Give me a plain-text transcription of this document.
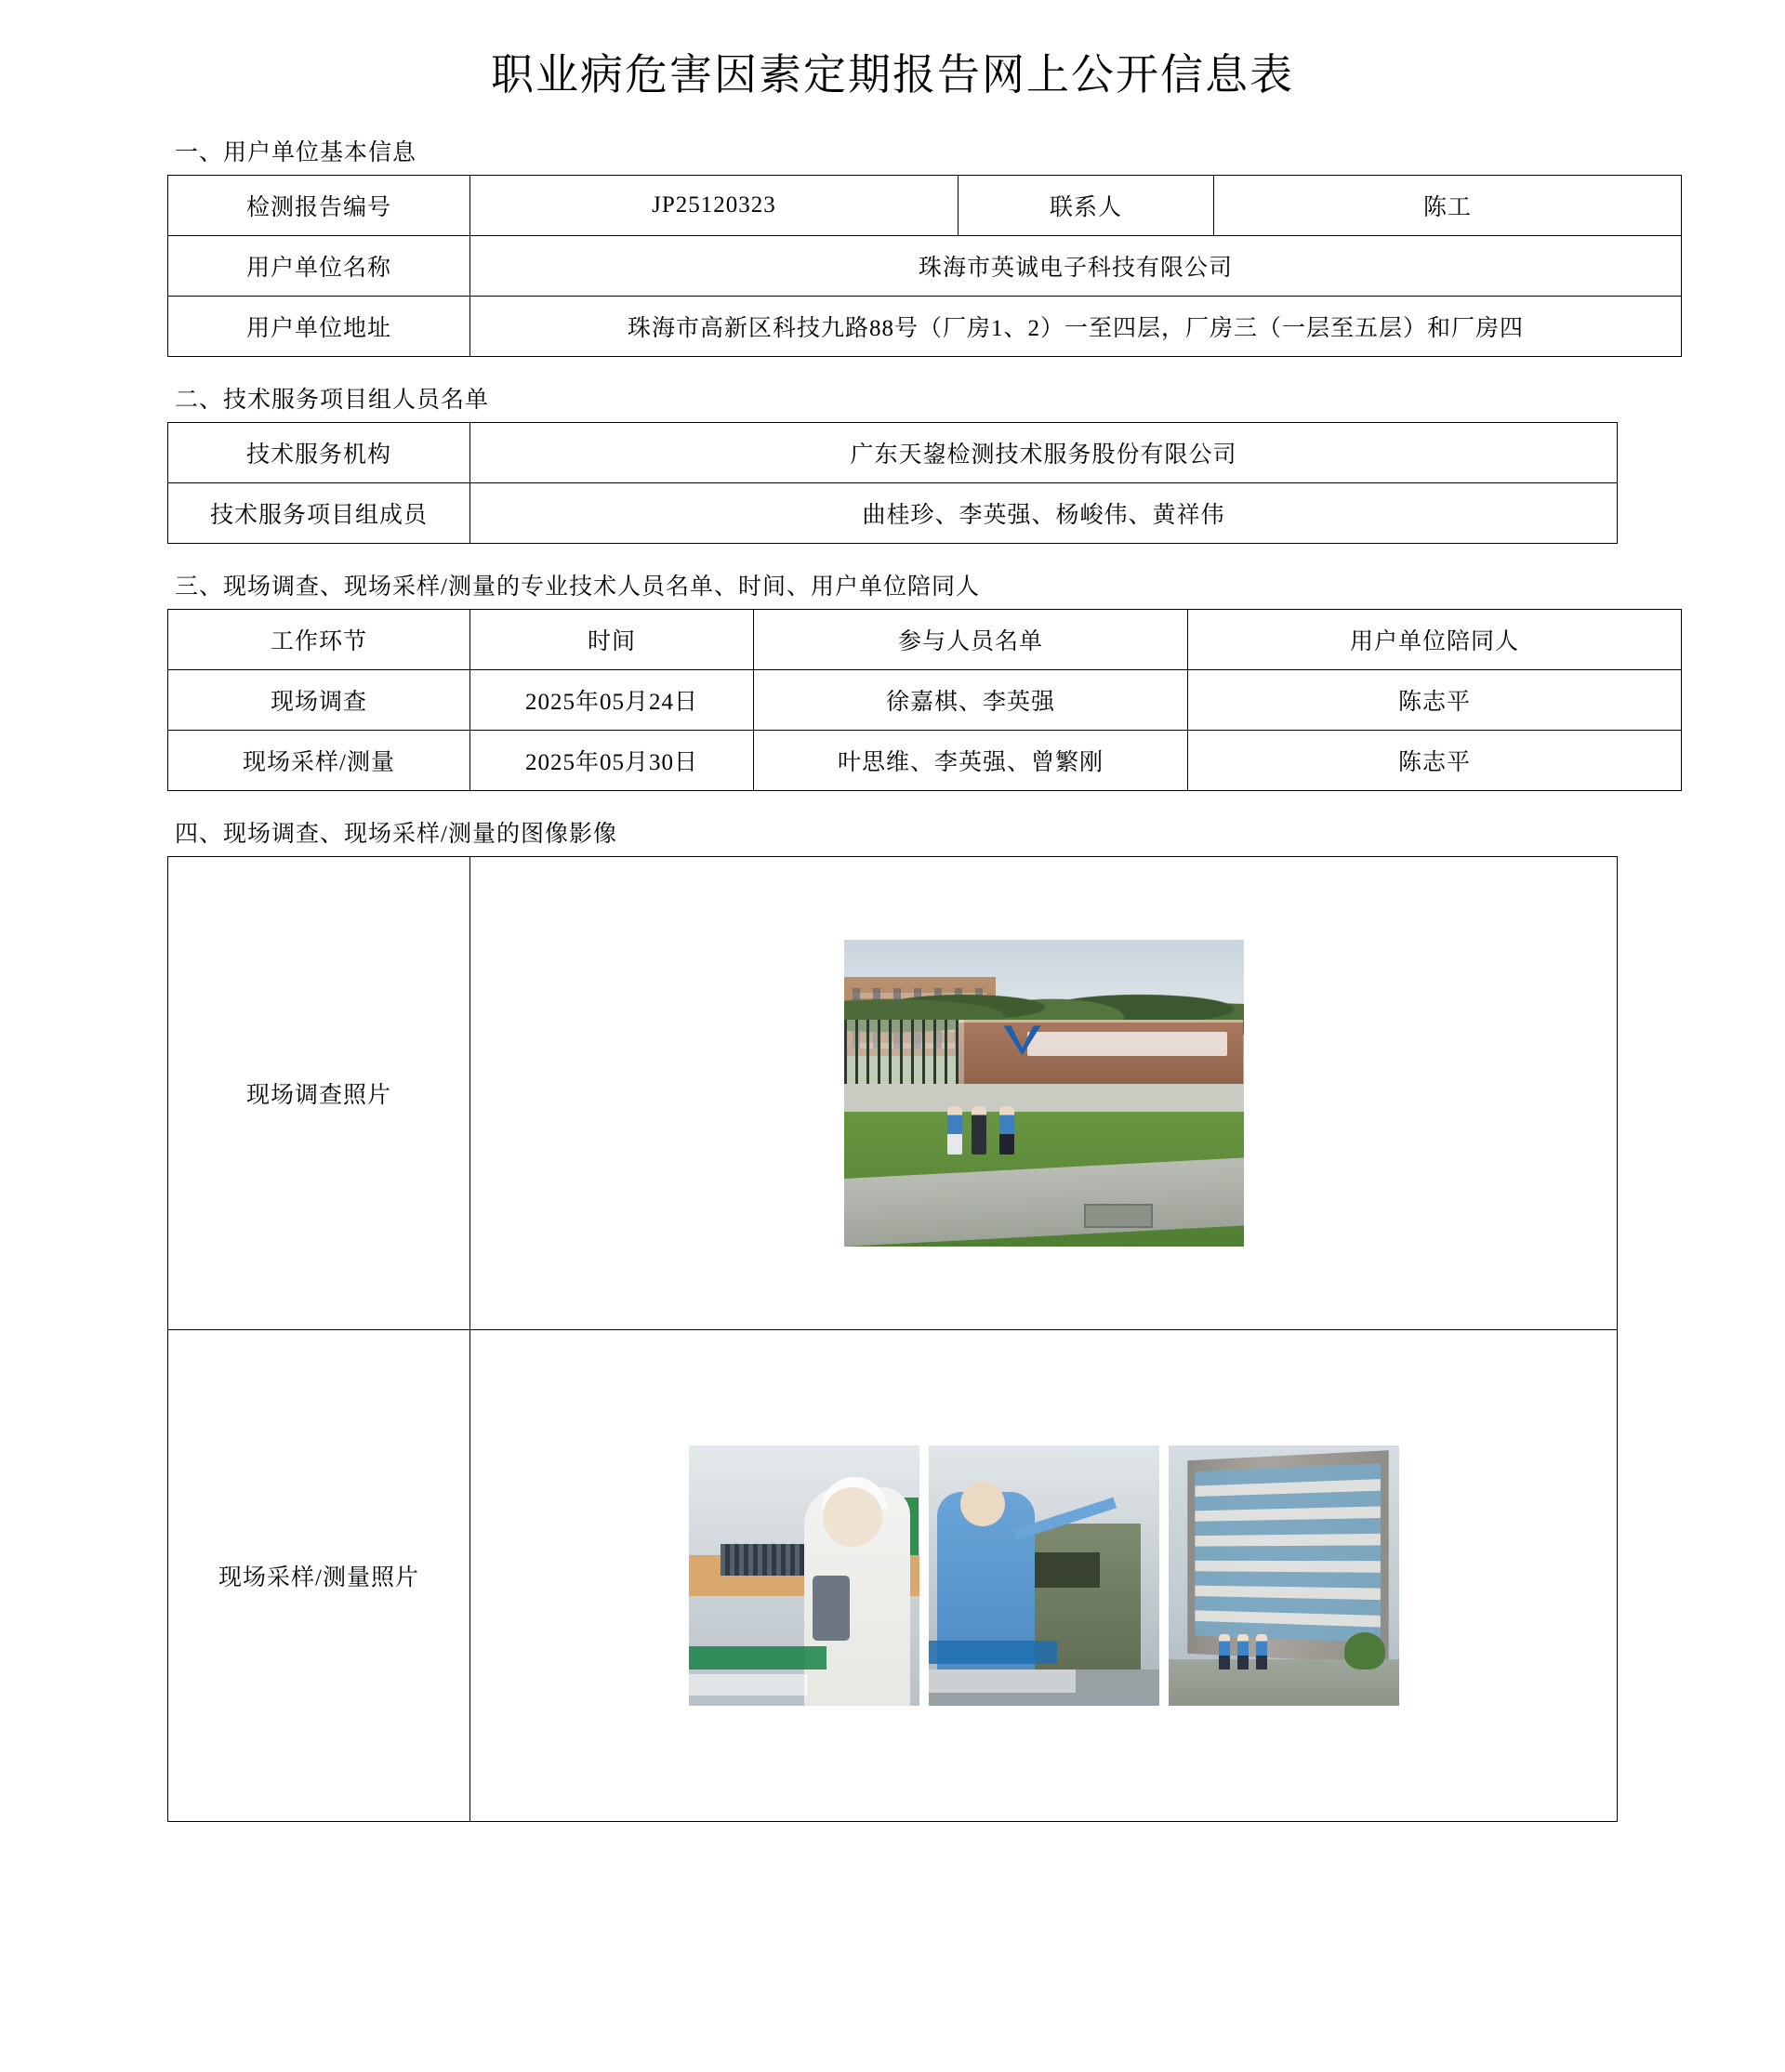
职业病危害因素定期报告网上公开信息表
一、用户单位基本信息
检测报告编号	JP25120323	联系人	陈工
用户单位名称	珠海市英诚电子科技有限公司		
用户单位地址	珠海市高新区科技九路88号（厂房1、2）一至四层，厂房三（一层至五层）和厂房四		
二、技术服务项目组人员名单
技术服务机构	广东天鋆检测技术服务股份有限公司
技术服务项目组成员	曲桂珍、李英强、杨峻伟、黄祥伟
三、现场调查、现场采样/测量的专业技术人员名单、时间、用户单位陪同人
工作环节	时间	参与人员名单	用户单位陪同人
现场调查	2025年05月24日	徐嘉棋、李英强	陈志平
现场采样/测量	2025年05月30日	叶思维、李英强、曾繁刚	陈志平
四、现场调查、现场采样/测量的图像影像
现场调查照片	

现场采样/测量照片	
